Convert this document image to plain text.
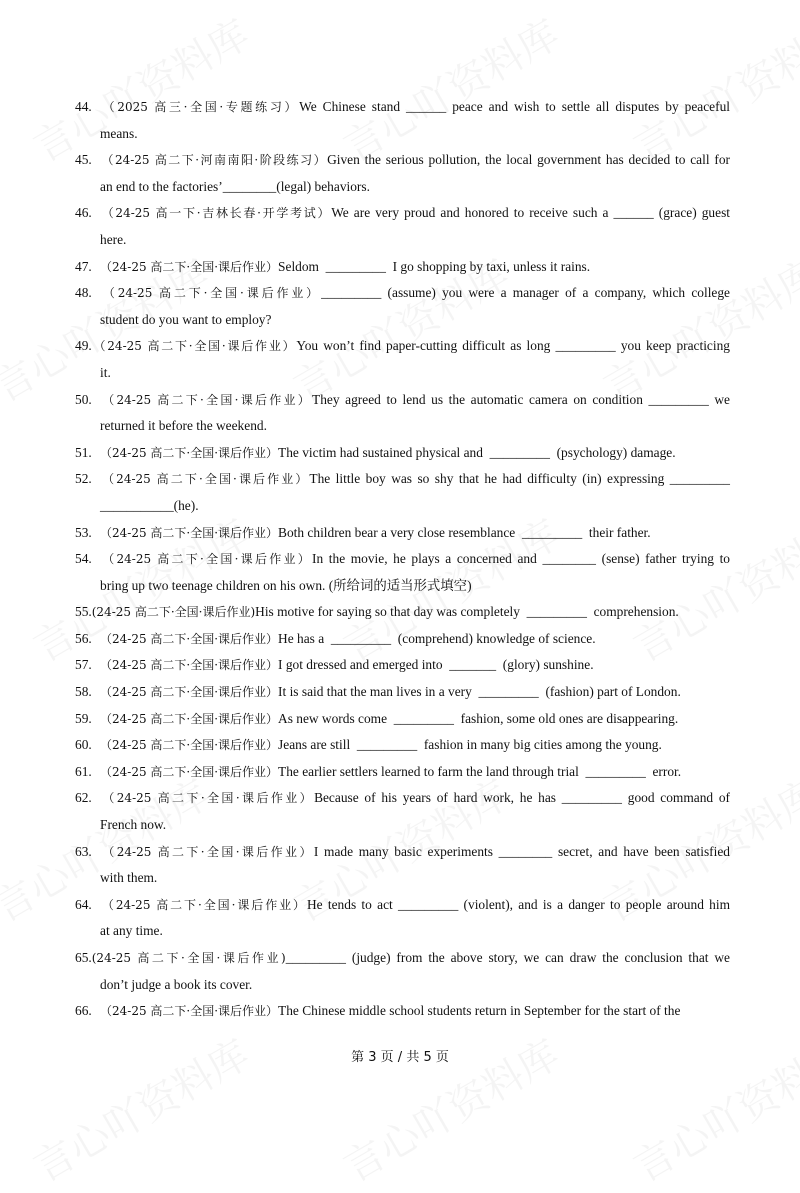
44. （2025 高三·全国·专题练习）We Chinese stand ______ peace and wish to settle all disputes by peaceful
means.
45. （24-25 高二下·河南南阳·阶段练习）Given the serious pollution, the local government has decided to call for
an end to the factories’________(legal) behaviors.
46. （24-25 高一下·吉林长春·开学考试）We are very proud and honored to receive such a ______ (grace) guest
here.
47. （24-25 高二下·全国·课后作业）Seldom  _________  I go shopping by taxi, unless it rains.
48. （24-25 高二下·全国·课后作业）_________ (assume) you were a manager of a company, which college
student do you want to employ?
49.（24-25 高二下·全国·课后作业）You won’t find paper-cutting difficult as long _________ you keep practicing
it.
50. （24-25 高二下·全国·课后作业）They agreed to lend us the automatic camera on condition _________ we
returned it before the weekend.
51. （24-25 高二下·全国·课后作业）The victim had sustained physical and  _________  (psychology) damage.
52. （24-25 高二下·全国·课后作业）The little boy was so shy that he had difficulty (in) expressing _________
___________(he).
53. （24-25 高二下·全国·课后作业）Both children bear a very close resemblance  _________  their father.
54. （24-25 高二下·全国·课后作业）In the movie, he plays a concerned and ________ (sense) father trying to
bring up two teenage children on his own. (所给词的适当形式填空)
55.(24-25 高二下·全国·课后作业)His motive for saying so that day was completely  _________  comprehension.
56. （24-25 高二下·全国·课后作业）He has a  _________  (comprehend) knowledge of science.
57. （24-25 高二下·全国·课后作业）I got dressed and emerged into  _______  (glory) sunshine.
58. （24-25 高二下·全国·课后作业）It is said that the man lives in a very  _________  (fashion) part of London.
59. （24-25 高二下·全国·课后作业）As new words come  _________  fashion, some old ones are disappearing.
60. （24-25 高二下·全国·课后作业）Jeans are still  _________  fashion in many big cities among the young.
61. （24-25 高二下·全国·课后作业）The earlier settlers learned to farm the land through trial  _________  error.
62. （24-25 高二下·全国·课后作业）Because of his years of hard work, he has _________ good command of
French now.
63. （24-25 高二下·全国·课后作业）I made many basic experiments ________ secret, and have been satisfied
with them.
64. （24-25 高二下·全国·课后作业）He tends to act _________ (violent), and is a danger to people around him
at any time.
65.(24-25 高二下·全国·课后作业)_________ (judge) from the above story, we can draw the conclusion that we
don’t judge a book its cover.
66. （24-25 高二下·全国·课后作业）The Chinese middle school students return in September for the start of the
第 3 页 / 共 5 页
